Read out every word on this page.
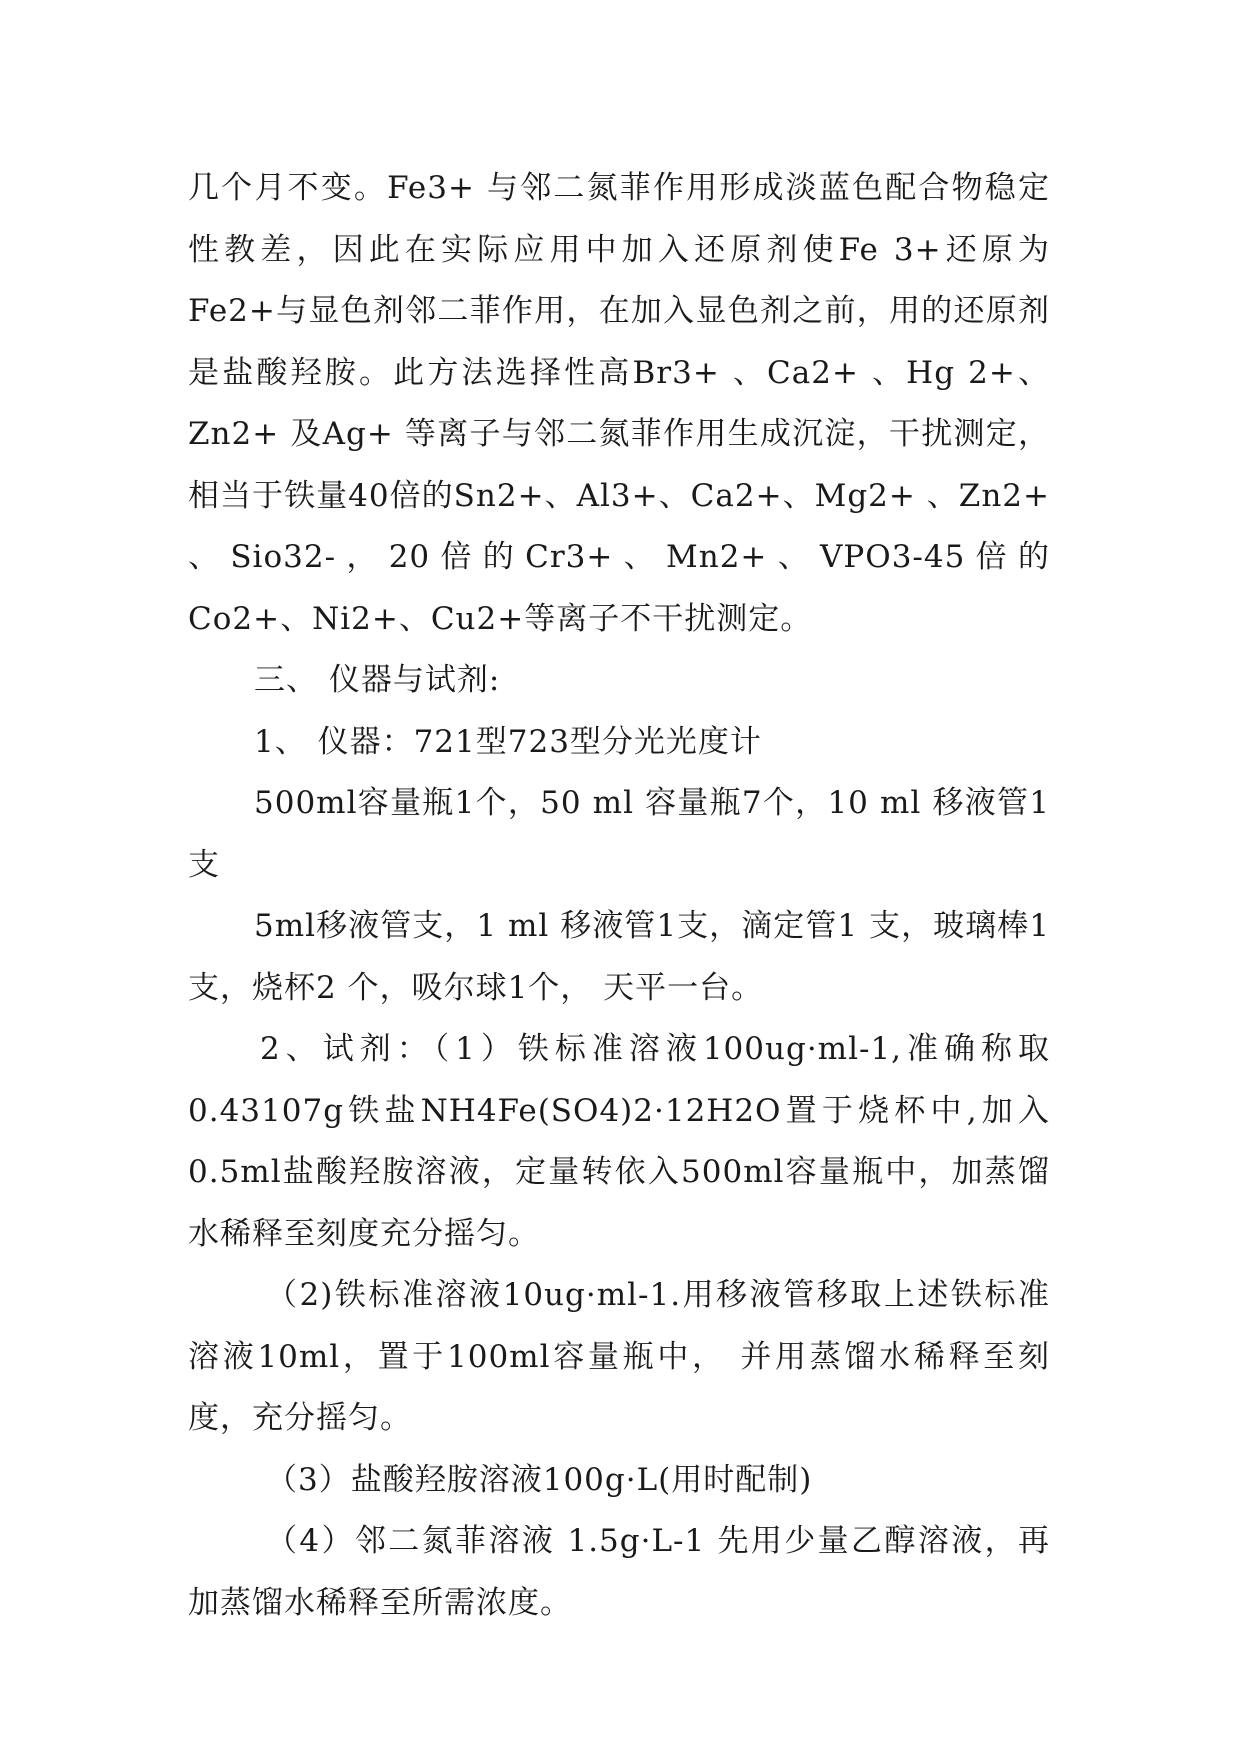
几个月不变。Fe3+ 与邻二氮菲作用形成淡蓝色配合物稳定性教差，因此在实际应用中加入还原剂使Fe 3+还原为Fe2+与显色剂邻二菲作用，在加入显色剂之前，用的还原剂是盐酸羟胺。此方法选择性高Br3+ 、Ca2+ 、Hg 2+、Zn2+ 及Ag+ 等离子与邻二氮菲作用生成沉淀，干扰测定，相当于铁量40倍的Sn2+、Al3+、Ca2+、Mg2+ 、Zn2+ 、Sio32-，20倍的Cr3+、Mn2+、VPO3-45倍的Co2+、Ni2+、Cu2+等离子不干扰测定。

三、 仪器与试剂:

1、 仪器：721型723型分光光度计

500ml容量瓶1个，50 ml 容量瓶7个，10 ml 移液管1支

5ml移液管支，1 ml 移液管1支，滴定管1 支，玻璃棒1 支，烧杯2 个，吸尔球1个， 天平一台。

2、试剂：（1）铁标准溶液100ug·ml-1,准确称取0.43107g铁盐NH4Fe(SO4)2·12H2O置于烧杯中,加入0.5ml盐酸羟胺溶液，定量转依入500ml容量瓶中，加蒸馏水稀释至刻度充分摇匀。

（2)铁标准溶液10ug·ml-1.用移液管移取上述铁标准溶液10ml，置于100ml容量瓶中， 并用蒸馏水稀释至刻度，充分摇匀。

（3）盐酸羟胺溶液100g·L(用时配制)

（4）邻二氮菲溶液 1.5g·L-1 先用少量乙醇溶液，再加蒸馏水稀释至所需浓度。
